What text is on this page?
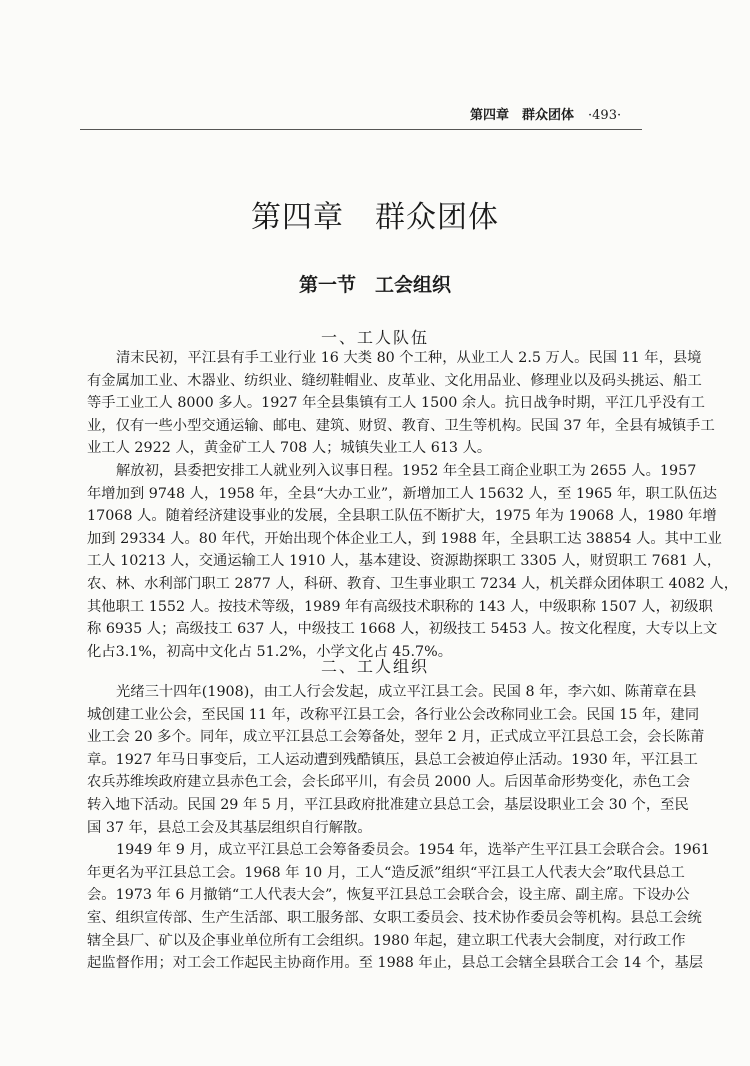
第四章　群众团体 ·493·
第四章　群众团体
第一节　工会组织
一、工人队伍
清末民初，平江县有手工业行业 16 大类 80 个工种，从业工人 2.5 万人。民国 11 年，县境
有金属加工业、木器业、纺织业、缝纫鞋帽业、皮革业、文化用品业、修理业以及码头挑运、船工
等手工业工人 8000 多人。1927 年全县集镇有工人 1500 余人。抗日战争时期，平江几乎没有工
业，仅有一些小型交通运输、邮电、建筑、财贸、教育、卫生等机构。民国 37 年，全县有城镇手工
业工人 2922 人，黄金矿工人 708 人；城镇失业工人 613 人。
解放初，县委把安排工人就业列入议事日程。1952 年全县工商企业职工为 2655 人。1957
年增加到 9748 人，1958 年，全县“大办工业”，新增加工人 15632 人，至 1965 年，职工队伍达
17068 人。随着经济建设事业的发展，全县职工队伍不断扩大，1975 年为 19068 人，1980 年增
加到 29334 人。80 年代，开始出现个体企业工人，到 1988 年，全县职工达 38854 人。其中工业
工人 10213 人，交通运输工人 1910 人，基本建设、资源勘探职工 3305 人，财贸职工 7681 人，
农、林、水利部门职工 2877 人，科研、教育、卫生事业职工 7234 人，机关群众团体职工 4082 人，
其他职工 1552 人。按技术等级，1989 年有高级技术职称的 143 人，中级职称 1507 人，初级职
称 6935 人；高级技工 637 人，中级技工 1668 人，初级技工 5453 人。按文化程度，大专以上文
化占3.1%，初高中文化占 51.2%，小学文化占 45.7%。
二、工人组织
光绪三十四年(1908)，由工人行会发起，成立平江县工会。民国 8 年，李六如、陈莆章在县
城创建工业公会，至民国 11 年，改称平江县工会，各行业公会改称同业工会。民国 15 年，建同
业工会 20 多个。同年，成立平江县总工会筹备处，翌年 2 月，正式成立平江县总工会，会长陈莆
章。1927 年马日事变后，工人运动遭到残酷镇压，县总工会被迫停止活动。1930 年，平江县工
农兵苏维埃政府建立县赤色工会，会长邱平川，有会员 2000 人。后因革命形势变化，赤色工会
转入地下活动。民国 29 年 5 月，平江县政府批准建立县总工会，基层设职业工会 30 个，至民
国 37 年，县总工会及其基层组织自行解散。
1949 年 9 月，成立平江县总工会筹备委员会。1954 年，选举产生平江县工会联合会。1961
年更名为平江县总工会。1968 年 10 月，工人“造反派”组织“平江县工人代表大会”取代县总工
会。1973 年 6 月撤销“工人代表大会”，恢复平江县总工会联合会，设主席、副主席。下设办公
室、组织宣传部、生产生活部、职工服务部、女职工委员会、技术协作委员会等机构。县总工会统
辖全县厂、矿以及企事业单位所有工会组织。1980 年起，建立职工代表大会制度，对行政工作
起监督作用；对工会工作起民主协商作用。至 1988 年止，县总工会辖全县联合工会 14 个，基层
